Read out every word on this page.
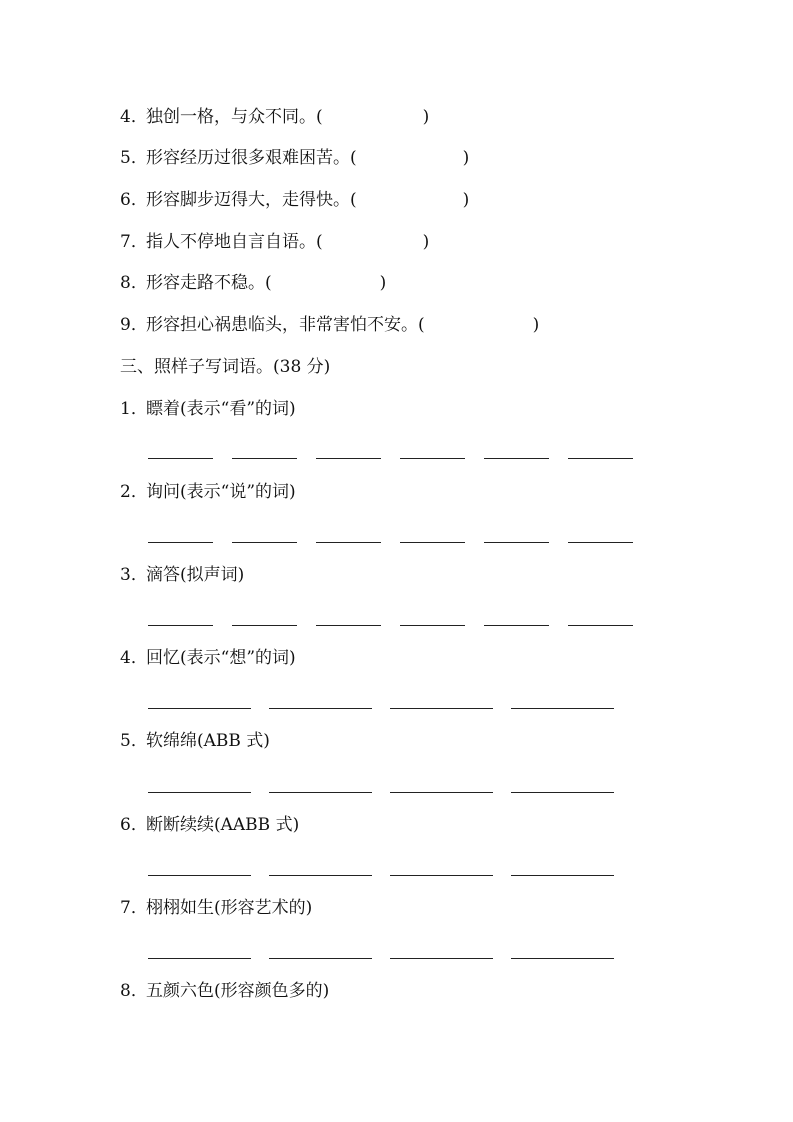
4．独创一格，与众不同。(	)
5．形容经历过很多艰难困苦。(	)
6．形容脚步迈得大，走得快。(	)
7．指人不停地自言自语。(	)
8．形容走路不稳。(	)
9．形容担心祸患临头，非常害怕不安。(	)
三、照样子写词语。(38 分)
1．瞟着(表示“看”的词)
2．询问(表示“说”的词)
3．滴答(拟声词)
4．回忆(表示“想”的词)
5．软绵绵(ABB 式)
6．断断续续(AABB 式)
7．栩栩如生(形容艺术的)
8．五颜六色(形容颜色多的)
